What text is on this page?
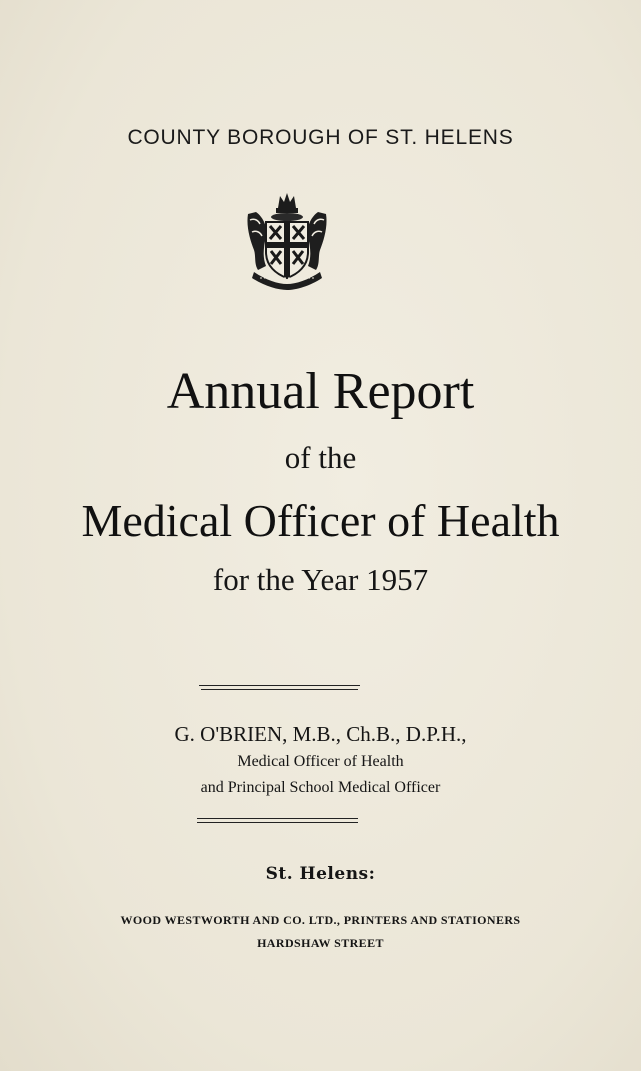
COUNTY BOROUGH OF ST. HELENS
Annual Report
of the
Medical Officer of Health
for the Year 1957
G. O'BRIEN, M.B., Ch.B., D.P.H.,
Medical Officer of Health
and Principal School Medical Officer
St. Helens:
WOOD WESTWORTH AND CO. LTD., PRINTERS AND STATIONERS
HARDSHAW STREET
